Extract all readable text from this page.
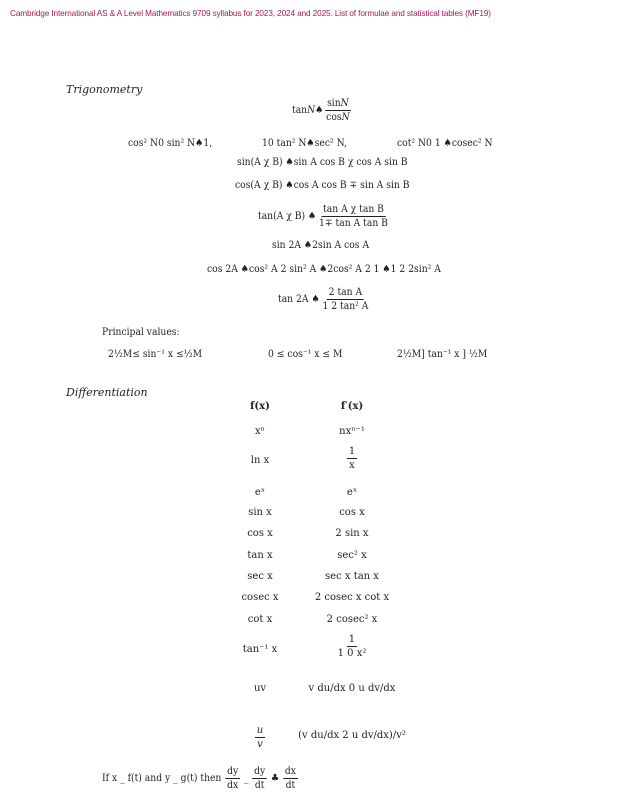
Cambridge International AS & A Level Mathematics 9709 syllabus for 2023, 2024 and 2025. List of formulae and statistical tables (MF19)
Trigonometry
tanN♠ $\frac{\sin N}{\cos N}$
cos² N0 sin² N♠1,	10 tan² N♠sec² N,	cot² N0 1 ♠cosec² N
sin(A χ B) ♠sin A cos B χ cos A sin B
cos(A χ B) ♠cos A cos B ∓ sin A sin B
tan(A χ B) ♠ $\frac{\text{tan A χ tan B}}{\text{1∓ tan A tan B}}$
sin 2A ♠2sin A cos A
cos 2A ♠cos² A 2 sin² A ♠2cos² A 2 1 ♠1 2 2sin² A
tan 2A ♠ $\frac{\text{2 tan A}}{\text{1 2 tan² A}}$
Principal values:
2½M≤ sin⁻¹ x ≤½M	0 ≤ cos⁻¹ x ≤ M	2½M] tan⁻¹ x ] ½M
Differentiation
f(x)	f′(x)
xⁿ	nxⁿ⁻¹
ln x	$\frac{1}{x}$
eˣ	eˣ
sin x	cos x
cos x	2 sin x
tan x	sec² x
sec x	sec x tan x
cosec x	2 cosec x cot x
cot x	2 cosec² x
tan⁻¹ x	$\frac{1}{\text{1 0 x²}}$
uv	v du/dx 0 u dv/dx
$\frac{u}{v}$	(v du/dx 2 u dv/dx)/v²
If x _ f(t) and y _ g(t) then $\frac{dy}{dx}$ _ $\frac{dy}{dt}$ ♣ $\frac{dx}{dt}$
